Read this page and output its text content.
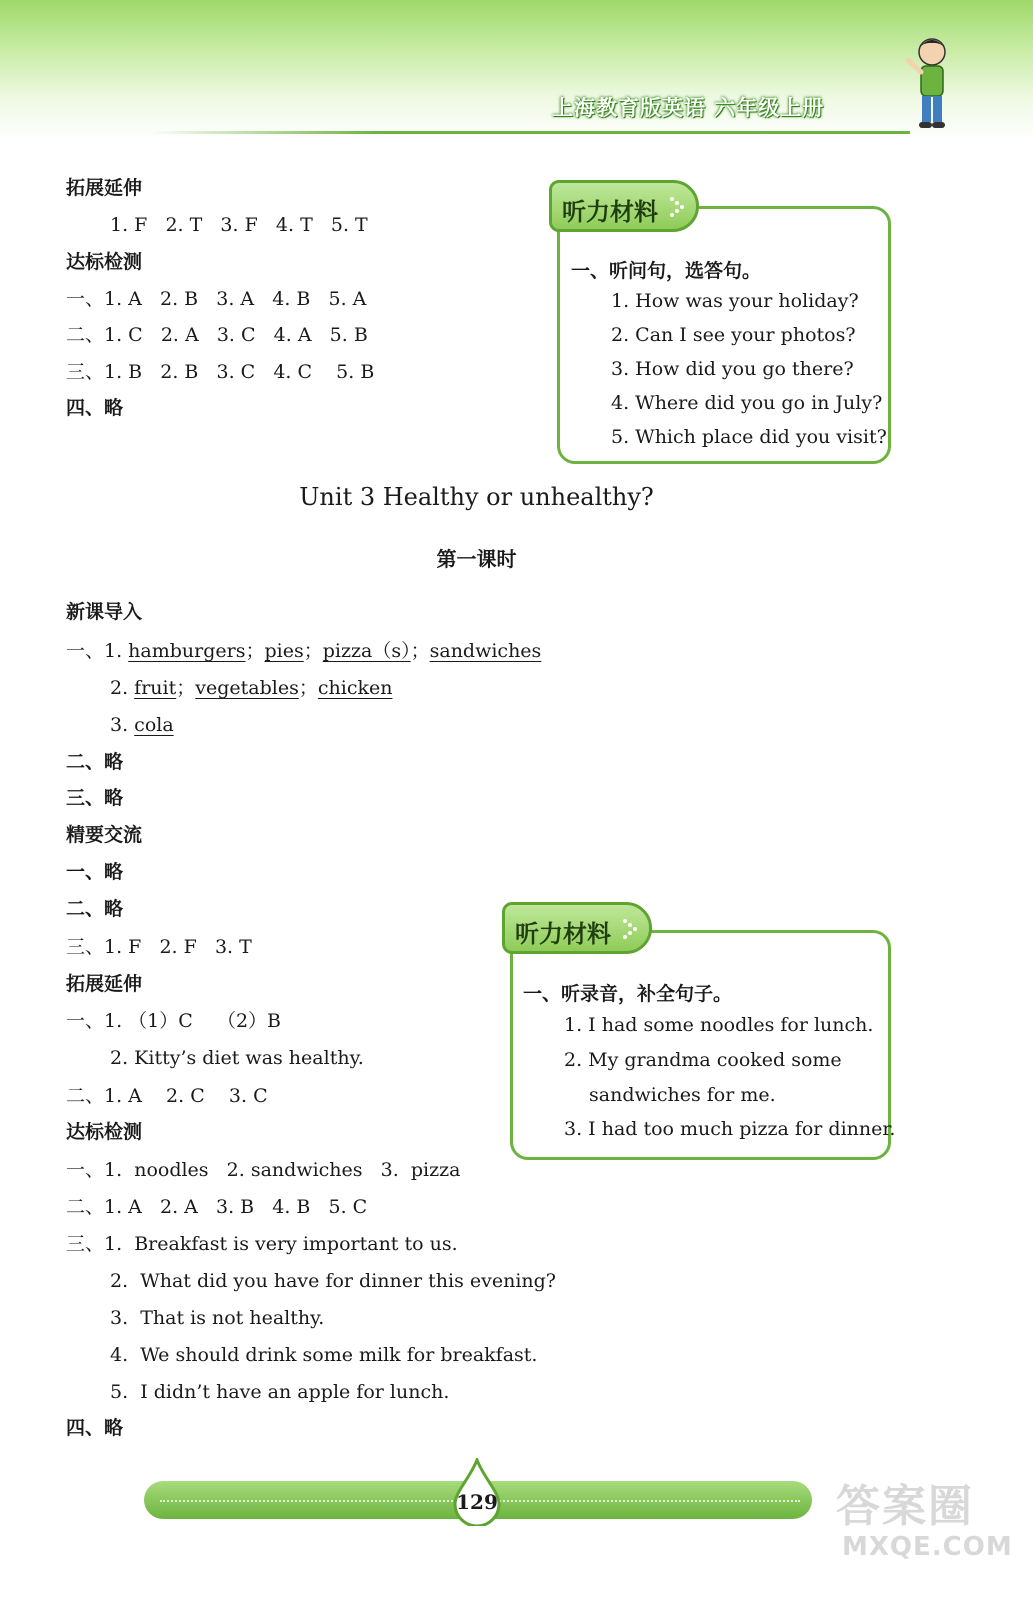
上海教育版英语 六年级上册
拓展延伸
1. F   2. T   3. F   4. T   5. T
达标检测
一、1. A   2. B   3. A   4. B   5. A
二、1. C   2. A   3. C   4. A   5. B
三、1. B   2. B   3. C   4. C    5. B
四、略
听力材料
一、听问句，选答句。
1. How was your holiday?
2. Can I see your photos?
3. How did you go there?
4. Where did you go in July?
5. Which place did you visit?
Unit 3 Healthy or unhealthy?
第一课时
新课导入
一、1. hamburgers；pies；pizza（s）；sandwiches
2. fruit；vegetables；chicken
3. cola
二、略
三、略
精要交流
一、略
二、略
三、1. F   2. F   3. T
拓展延伸
一、1. （1）C    （2）B
2. Kitty’s diet was healthy.
二、1. A    2. C    3. C
达标检测
一、1.  noodles   2. sandwiches   3.  pizza
二、1. A   2. A   3. B   4. B   5. C
三、1.  Breakfast is very important to us.
2.  What did you have for dinner this evening?
3.  That is not healthy.
4.  We should drink some milk for breakfast.
5.  I didn’t have an apple for lunch.
四、略
听力材料
一、听录音，补全句子。
1. I had some noodles for lunch.
2. My grandma cooked some
sandwiches for me.
3. I had too much pizza for dinner.
129	答案圈
MXQE.COM
